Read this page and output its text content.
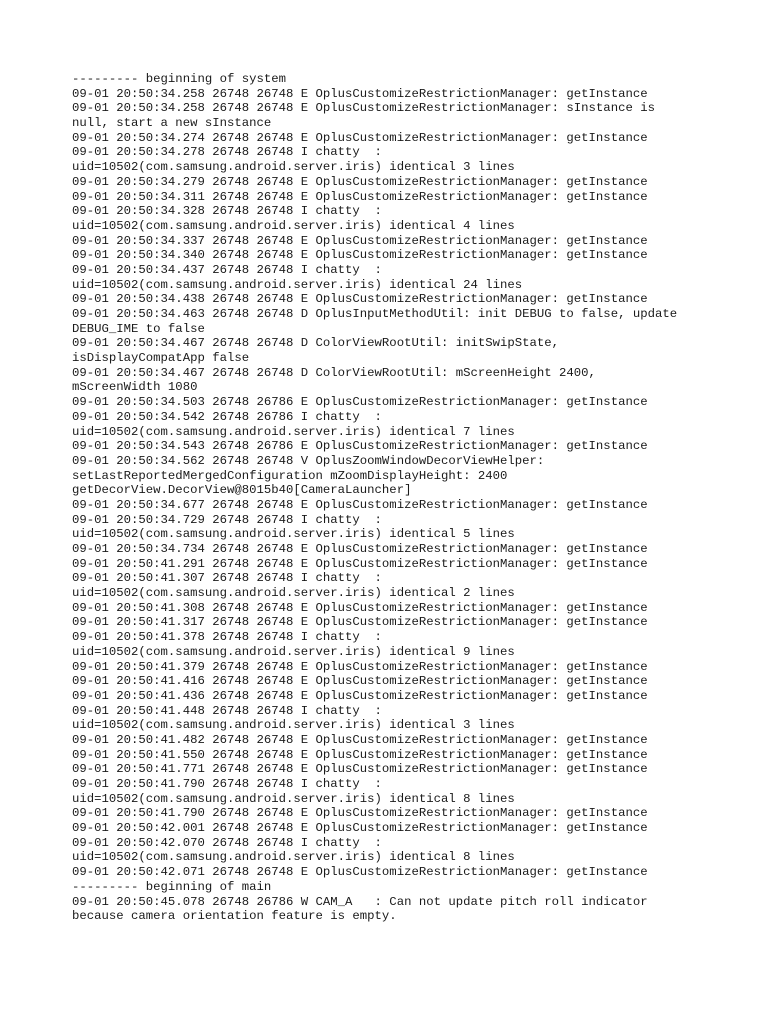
--------- beginning of system
09-01 20:50:34.258 26748 26748 E OplusCustomizeRestrictionManager: getInstance
09-01 20:50:34.258 26748 26748 E OplusCustomizeRestrictionManager: sInstance is
null, start a new sInstance
09-01 20:50:34.274 26748 26748 E OplusCustomizeRestrictionManager: getInstance
09-01 20:50:34.278 26748 26748 I chatty  :
uid=10502(com.samsung.android.server.iris) identical 3 lines
09-01 20:50:34.279 26748 26748 E OplusCustomizeRestrictionManager: getInstance
09-01 20:50:34.311 26748 26748 E OplusCustomizeRestrictionManager: getInstance
09-01 20:50:34.328 26748 26748 I chatty  :
uid=10502(com.samsung.android.server.iris) identical 4 lines
09-01 20:50:34.337 26748 26748 E OplusCustomizeRestrictionManager: getInstance
09-01 20:50:34.340 26748 26748 E OplusCustomizeRestrictionManager: getInstance
09-01 20:50:34.437 26748 26748 I chatty  :
uid=10502(com.samsung.android.server.iris) identical 24 lines
09-01 20:50:34.438 26748 26748 E OplusCustomizeRestrictionManager: getInstance
09-01 20:50:34.463 26748 26748 D OplusInputMethodUtil: init DEBUG to false, update
DEBUG_IME to false
09-01 20:50:34.467 26748 26748 D ColorViewRootUtil: initSwipState,
isDisplayCompatApp false
09-01 20:50:34.467 26748 26748 D ColorViewRootUtil: mScreenHeight 2400,
mScreenWidth 1080
09-01 20:50:34.503 26748 26786 E OplusCustomizeRestrictionManager: getInstance
09-01 20:50:34.542 26748 26786 I chatty  :
uid=10502(com.samsung.android.server.iris) identical 7 lines
09-01 20:50:34.543 26748 26786 E OplusCustomizeRestrictionManager: getInstance
09-01 20:50:34.562 26748 26748 V OplusZoomWindowDecorViewHelper:
setLastReportedMergedConfiguration mZoomDisplayHeight: 2400
getDecorView.DecorView@8015b40[CameraLauncher]
09-01 20:50:34.677 26748 26748 E OplusCustomizeRestrictionManager: getInstance
09-01 20:50:34.729 26748 26748 I chatty  :
uid=10502(com.samsung.android.server.iris) identical 5 lines
09-01 20:50:34.734 26748 26748 E OplusCustomizeRestrictionManager: getInstance
09-01 20:50:41.291 26748 26748 E OplusCustomizeRestrictionManager: getInstance
09-01 20:50:41.307 26748 26748 I chatty  :
uid=10502(com.samsung.android.server.iris) identical 2 lines
09-01 20:50:41.308 26748 26748 E OplusCustomizeRestrictionManager: getInstance
09-01 20:50:41.317 26748 26748 E OplusCustomizeRestrictionManager: getInstance
09-01 20:50:41.378 26748 26748 I chatty  :
uid=10502(com.samsung.android.server.iris) identical 9 lines
09-01 20:50:41.379 26748 26748 E OplusCustomizeRestrictionManager: getInstance
09-01 20:50:41.416 26748 26748 E OplusCustomizeRestrictionManager: getInstance
09-01 20:50:41.436 26748 26748 E OplusCustomizeRestrictionManager: getInstance
09-01 20:50:41.448 26748 26748 I chatty  :
uid=10502(com.samsung.android.server.iris) identical 3 lines
09-01 20:50:41.482 26748 26748 E OplusCustomizeRestrictionManager: getInstance
09-01 20:50:41.550 26748 26748 E OplusCustomizeRestrictionManager: getInstance
09-01 20:50:41.771 26748 26748 E OplusCustomizeRestrictionManager: getInstance
09-01 20:50:41.790 26748 26748 I chatty  :
uid=10502(com.samsung.android.server.iris) identical 8 lines
09-01 20:50:41.790 26748 26748 E OplusCustomizeRestrictionManager: getInstance
09-01 20:50:42.001 26748 26748 E OplusCustomizeRestrictionManager: getInstance
09-01 20:50:42.070 26748 26748 I chatty  :
uid=10502(com.samsung.android.server.iris) identical 8 lines
09-01 20:50:42.071 26748 26748 E OplusCustomizeRestrictionManager: getInstance
--------- beginning of main
09-01 20:50:45.078 26748 26786 W CAM_A   : Can not update pitch roll indicator
because camera orientation feature is empty.
